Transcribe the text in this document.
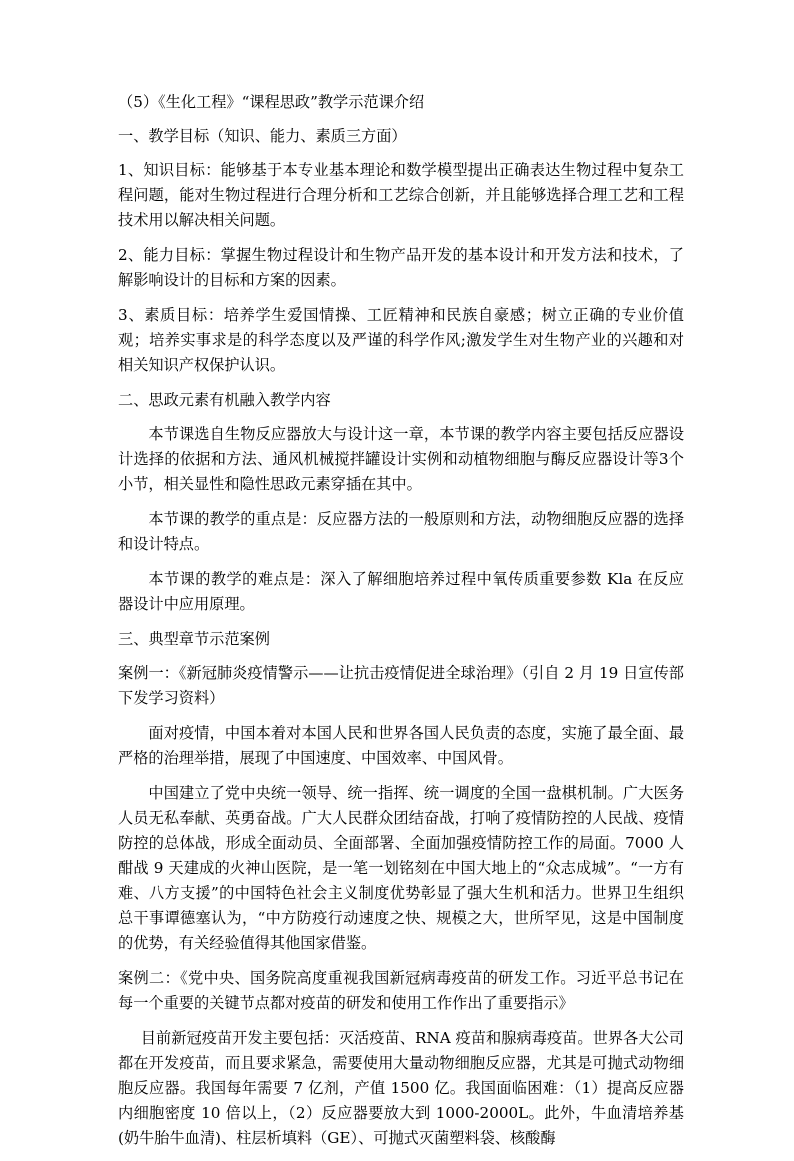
（5）《生化工程》“课程思政”教学示范课介绍

一、教学目标（知识、能力、素质三方面）

1、知识目标：能够基于本专业基本理论和数学模型提出正确表达生物过程中复杂工程问题，能对生物过程进行合理分析和工艺综合创新，并且能够选择合理工艺和工程技术用以解决相关问题。

2、能力目标：掌握生物过程设计和生物产品开发的基本设计和开发方法和技术，了解影响设计的目标和方案的因素。

3、素质目标：培养学生爱国情操、工匠精神和民族自豪感；树立正确的专业价值观；培养实事求是的科学态度以及严谨的科学作风;激发学生对生物产业的兴趣和对相关知识产权保护认识。

二、思政元素有机融入教学内容

本节课选自生物反应器放大与设计这一章，本节课的教学内容主要包括反应器设计选择的依据和方法、通风机械搅拌罐设计实例和动植物细胞与酶反应器设计等3个小节，相关显性和隐性思政元素穿插在其中。

本节课的教学的重点是：反应器方法的一般原则和方法，动物细胞反应器的选择和设计特点。

本节课的教学的难点是：深入了解细胞培养过程中氧传质重要参数 Kla 在反应器设计中应用原理。

三、典型章节示范案例

案例一：《新冠肺炎疫情警示——让抗击疫情促进全球治理》（引自 2 月 19 日宣传部下发学习资料）

面对疫情，中国本着对本国人民和世界各国人民负责的态度，实施了最全面、最严格的治理举措，展现了中国速度、中国效率、中国风骨。

中国建立了党中央统一领导、统一指挥、统一调度的全国一盘棋机制。广大医务人员无私奉献、英勇奋战。广大人民群众团结奋战，打响了疫情防控的人民战、疫情防控的总体战，形成全面动员、全面部署、全面加强疫情防控工作的局面。7000 人酣战 9 天建成的火神山医院，是一笔一划铭刻在中国大地上的“众志成城”。“一方有难、八方支援”的中国特色社会主义制度优势彰显了强大生机和活力。世界卫生组织总干事谭德塞认为，“中方防疫行动速度之快、规模之大，世所罕见，这是中国制度的优势，有关经验值得其他国家借鉴。

案例二：《党中央、国务院高度重视我国新冠病毒疫苗的研发工作。习近平总书记在每一个重要的关键节点都对疫苗的研发和使用工作作出了重要指示》

目前新冠疫苗开发主要包括：灭活疫苗、RNA 疫苗和腺病毒疫苗。世界各大公司都在开发疫苗，而且要求紧急，需要使用大量动物细胞反应器，尤其是可抛式动物细胞反应器。我国每年需要 7 亿剂，产值 1500 亿。我国面临困难：（1）提高反应器内细胞密度 10 倍以上，（2）反应器要放大到 1000-2000L。此外，牛血清培养基(奶牛胎牛血清)、柱层析填料（GE）、可抛式灭菌塑料袋、核酸酶
